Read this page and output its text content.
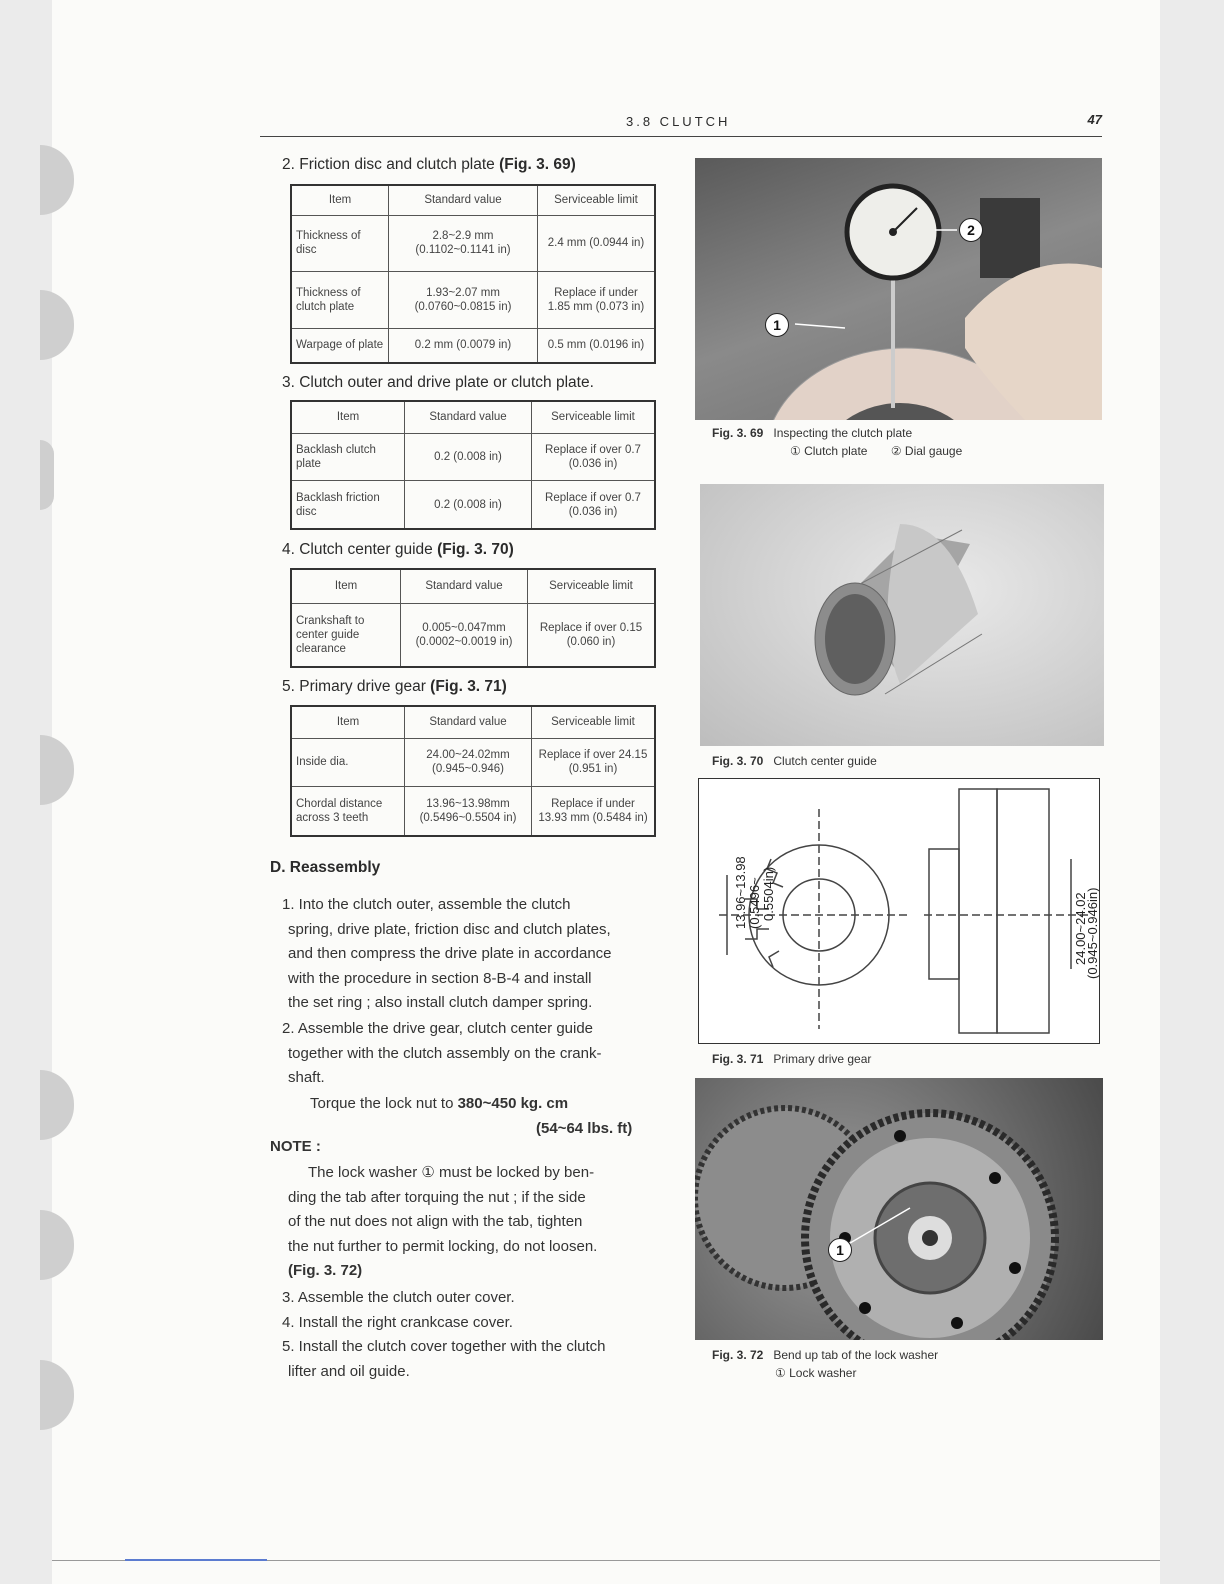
3.8 CLUTCH	47
2. Friction disc and clutch plate (Fig. 3. 69)
Item	Standard value	Serviceable limit
Thickness of disc	2.8~2.9 mm (0.1102~0.1141 in)	2.4 mm (0.0944 in)
Thickness of clutch plate	1.93~2.07 mm (0.0760~0.0815 in)	Replace if under 1.85 mm (0.073 in)
Warpage of plate	0.2 mm (0.0079 in)	0.5 mm (0.0196 in)
3. Clutch outer and drive plate or clutch plate.
Item	Standard value	Serviceable limit
Backlash clutch plate	0.2 (0.008 in)	Replace if over 0.7 (0.036 in)
Backlash friction disc	0.2 (0.008 in)	Replace if over 0.7 (0.036 in)
4. Clutch center guide (Fig. 3. 70)
Item	Standard value	Serviceable limit
Crankshaft to center guide clearance	0.005~0.047mm (0.0002~0.0019 in)	Replace if over 0.15 (0.060 in)
5. Primary drive gear (Fig. 3. 71)
Item	Standard value	Serviceable limit
Inside dia.	24.00~24.02mm (0.945~0.946)	Replace if over 24.15 (0.951 in)
Chordal distance across 3 teeth	13.96~13.98mm (0.5496~0.5504 in)	Replace if under 13.93 mm (0.5484 in)
D. Reassembly
1. Into the clutch outer, assemble the clutch
spring, drive plate, friction disc and clutch plates,
and then compress the drive plate in accordance
with the procedure in section 8-B-4 and install
the set ring ; also install clutch damper spring.
2. Assemble the drive gear, clutch center guide
together with the clutch assembly on the crank-
shaft.
Torque the lock nut to 380~450 kg. cm
(54~64 lbs. ft)
NOTE :
The lock washer ① must be locked by ben-
ding the tab after torquing the nut ; if the side
of the nut does not align with the tab, tighten
the nut further to permit locking, do not loosen.
(Fig. 3. 72)
3. Assemble the clutch outer cover.
4. Install the right crankcase cover.
5. Install the clutch cover together with the clutch
lifter and oil guide.
1
2
Fig. 3. 69 Inspecting the clutch plate
① Clutch plate ② Dial gauge
Fig. 3. 70 Clutch center guide
13.96~13.98 (0.5496~ 0.5504in)	24.00~24.02
(0.945~0.946in)
Fig. 3. 71 Primary drive gear
1
Fig. 3. 72 Bend up tab of the lock washer
① Lock washer
